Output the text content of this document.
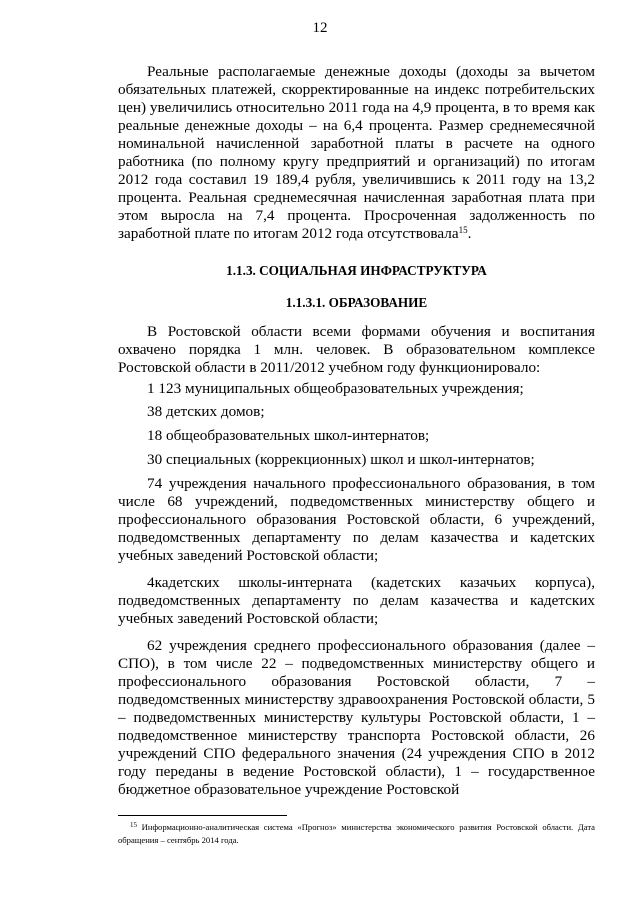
12

Реальные располагаемые денежные доходы (доходы за вычетом обязательных платежей, скорректированные на индекс потребительских цен) увеличились относительно 2011 года на 4,9 процента, в то время как реальные денежные доходы – на 6,4 процента. Размер среднемесячной номинальной начисленной заработной платы в расчете на одного работника (по полному кругу предприятий и организаций) по итогам 2012 года составил 19 189,4 рубля, увеличившись к 2011 году на 13,2 процента. Реальная среднемесячная начисленная заработная плата при этом выросла на 7,4 процента. Просроченная задолженность по заработной плате по итогам 2012 года отсутствовала$^{15}$.

1.1.3. СОЦИАЛЬНАЯ ИНФРАСТРУКТУРА
1.1.3.1. ОБРАЗОВАНИЕ

В Ростовской области всеми формами обучения и воспитания охвачено порядка 1 млн. человек. В образовательном комплексе Ростовской области в 2011/2012 учебном году функционировало:

1 123 муниципальных общеобразовательных учреждения;

38 детских домов;

18 общеобразовательных школ-интернатов;

30 специальных (коррекционных) школ и школ-интернатов;

74 учреждения начального профессионального образования, в том числе 68 учреждений, подведомственных министерству общего и профессионального образования Ростовской области, 6 учреждений, подведомственных департаменту по делам казачества и кадетских учебных заведений Ростовской области;

4кадетских школы-интерната (кадетских казачьих корпуса), подведомственных департаменту по делам казачества и кадетских учебных заведений Ростовской области;

62 учреждения среднего профессионального образования (далее – СПО), в том числе 22 – подведомственных министерству общего и профессионального образования Ростовской области, 7 – подведомственных министерству здравоохранения Ростовской области, 5 – подведомственных министерству культуры Ростовской области, 1 – подведомственное министерству транспорта Ростовской области, 26 учреждений СПО федерального значения (24 учреждения СПО в 2012 году переданы в ведение Ростовской области), 1 – государственное бюджетное образовательное учреждение Ростовской

$^{15}$ Информационно-аналитическая система «Прогноз» министерства экономического развития Ростовской области. Дата обращения – сентябрь 2014 года.
